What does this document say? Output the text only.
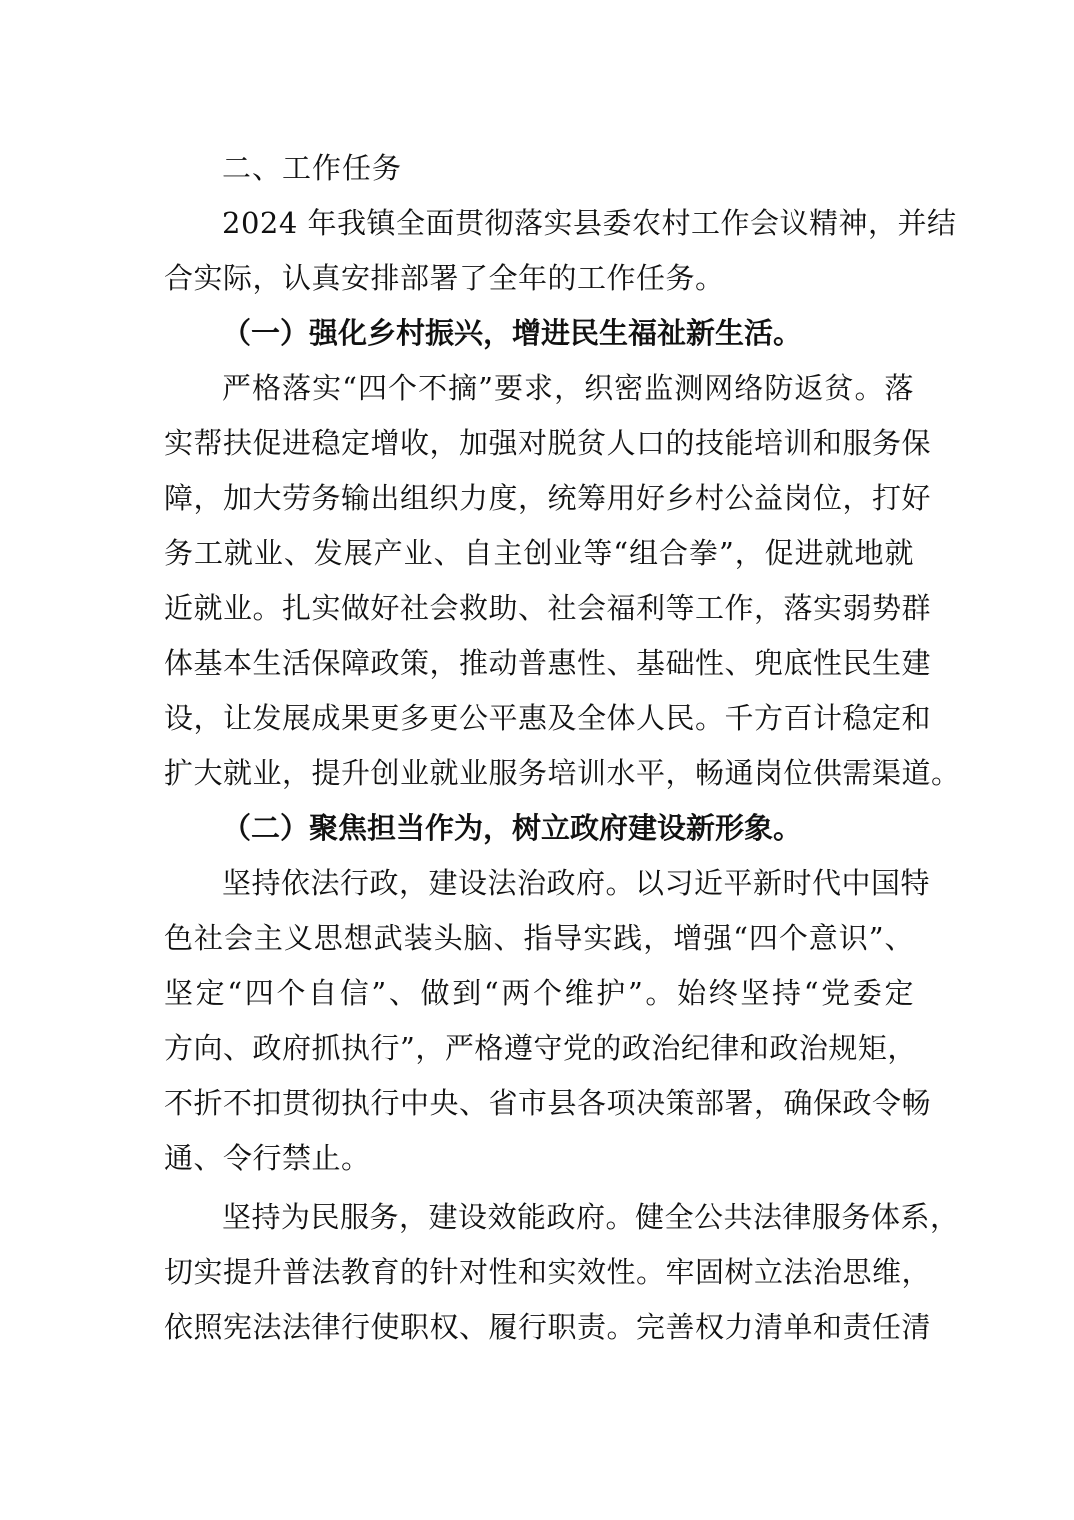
二、工作任务
2024 年我镇全面贯彻落实县委农村工作会议精神，并结
合实际，认真安排部署了全年的工作任务。
（一）强化乡村振兴，增进民生福祉新生活。
严格落实“四个不摘”要求，织密监测网络防返贫。落
实帮扶促进稳定增收，加强对脱贫人口的技能培训和服务保
障，加大劳务输出组织力度，统筹用好乡村公益岗位，打好
务工就业、发展产业、自主创业等“组合拳”，促进就地就
近就业。扎实做好社会救助、社会福利等工作，落实弱势群
体基本生活保障政策，推动普惠性、基础性、兜底性民生建
设，让发展成果更多更公平惠及全体人民。千方百计稳定和
扩大就业，提升创业就业服务培训水平，畅通岗位供需渠道。
（二）聚焦担当作为，树立政府建设新形象。
坚持依法行政，建设法治政府。以习近平新时代中国特
色社会主义思想武装头脑、指导实践，增强“四个意识”、
坚定“四个自信”、做到“两个维护”。始终坚持“党委定
方向、政府抓执行”，严格遵守党的政治纪律和政治规矩，
不折不扣贯彻执行中央、省市县各项决策部署，确保政令畅
通、令行禁止。
坚持为民服务，建设效能政府。健全公共法律服务体系，
切实提升普法教育的针对性和实效性。牢固树立法治思维，
依照宪法法律行使职权、履行职责。完善权力清单和责任清
